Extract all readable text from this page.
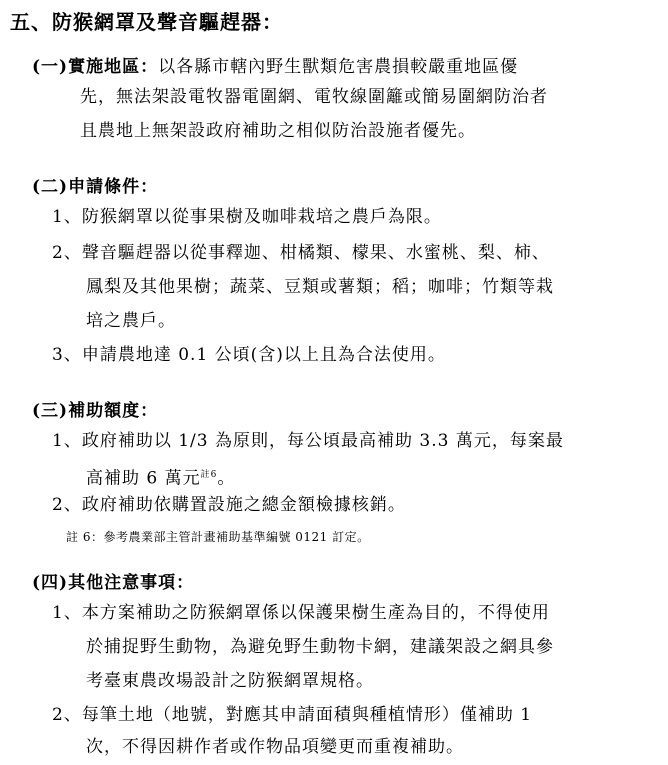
五、防猴網罩及聲音驅趕器：
(一)實施地區：以各縣市轄內野生獸類危害農損較嚴重地區優
先，無法架設電牧器電圍網、電牧線圍籬或簡易圍網防治者
且農地上無架設政府補助之相似防治設施者優先。
(二)申請條件：
1、防猴網罩以從事果樹及咖啡栽培之農戶為限。
2、聲音驅趕器以從事釋迦、柑橘類、檬果、水蜜桃、梨、柿、
鳳梨及其他果樹；蔬菜、豆類或薯類；稻；咖啡；竹類等栽
培之農戶。
3、申請農地達 0.1 公頃(含)以上且為合法使用。
(三)補助額度：
1、政府補助以 1/3 為原則，每公頃最高補助 3.3 萬元，每案最
高補助 6 萬元$^{註6}$。
2、政府補助依購置設施之總金額檢據核銷。
註 6：參考農業部主管計畫補助基準編號 0121 訂定。
(四)其他注意事項：
1、本方案補助之防猴網罩係以保護果樹生產為目的，不得使用
於捕捉野生動物，為避免野生動物卡網，建議架設之網具參
考臺東農改場設計之防猴網罩規格。
2、每筆土地（地號，對應其申請面積與種植情形）僅補助 1
次，不得因耕作者或作物品項變更而重複補助。
